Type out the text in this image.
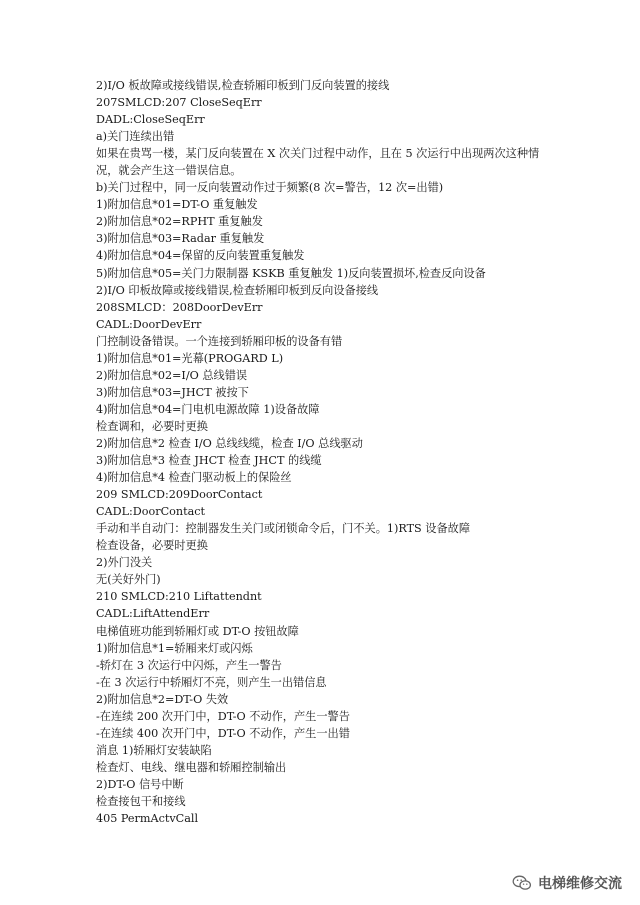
2)I/O 板故障或接线错误,检查轿厢印板到门反向装置的接线
207SMLCD:207 CloseSeqErr
DADL:CloseSeqErr
a)关门连续出错
如果在贵骂一楼，某门反向装置在 X 次关门过程中动作，且在 5 次运行中出现两次这种情
况，就会产生这一错误信息。
b)关门过程中，同一反向装置动作过于频繁(8 次=警告，12 次=出错)
1)附加信息*01=DT-O 重复触发
2)附加信息*02=RPHT 重复触发
3)附加信息*03=Radar 重复触发
4)附加信息*04=保留的反向装置重复触发
5)附加信息*05=关门力限制器 KSKB 重复触发 1)反向装置损坏,检查反向设备
2)I/O 印板故障或接线错误,检查轿厢印板到反向设备接线
208SMLCD：208DoorDevErr
CADL:DoorDevErr
门控制设备错误。一个连接到轿厢印板的设备有错
1)附加信息*01=光幕(PROGARD L)
2)附加信息*02=I/O 总线错误
3)附加信息*03=JHCT 被按下
4)附加信息*04=门电机电源故障 1)设备故障
检查调和，必要时更换
2)附加信息*2 检查 I/O 总线线缆，检查 I/O 总线驱动
3)附加信息*3 检查 JHCT 检查 JHCT 的线缆
4)附加信息*4 检查门驱动板上的保险丝
209 SMLCD:209DoorContact
CADL:DoorContact
手动和半自动门：控制器发生关门或闭锁命令后，门不关。1)RTS 设备故障
检查设备，必要时更换
2)外门没关
无(关好外门)
210 SMLCD:210 Liftattendnt
CADL:LiftAttendErr
电梯值班功能到轿厢灯或 DT-O 按钮故障
1)附加信息*1=轿厢来灯或闪烁
-轿灯在 3 次运行中闪烁，产生一警告
-在 3 次运行中轿厢灯不亮，则产生一出错信息
2)附加信息*2=DT-O 失效
-在连续 200 次开门中，DT-O 不动作，产生一警告
-在连续 400 次开门中，DT-O 不动作，产生一出错
消息 1)轿厢灯安装缺陷
检查灯、电线、继电器和轿厢控制输出
2)DT-O 信号中断
检查接包干和接线
405 PermActvCall
电梯维修交流
